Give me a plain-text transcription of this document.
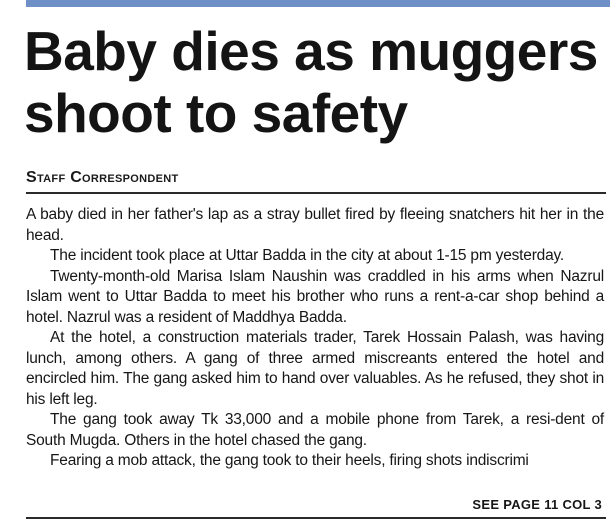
Baby dies as muggers
shoot to safety
Staff Correspondent

A baby died in her father's lap as a stray bullet fired by fleeing snatchers hit her in the head.

The incident took place at Uttar Badda in the city at about 1-15 pm yesterday.

Twenty-month-old Marisa Islam Naushin was craddled in his arms when Nazrul Islam went to Uttar Badda to meet his brother who runs a rent-a-car shop behind a hotel. Nazrul was a resident of Maddhya Badda.

At the hotel, a construction materials trader, Tarek Hossain Palash, was having lunch, among others. A gang of three armed miscreants entered the hotel and encircled him. The gang asked him to hand over valuables. As he refused, they shot in his left leg.

The gang took away Tk 33,000 and a mobile phone from Tarek, a resi-dent of South Mugda. Others in the hotel chased the gang.

Fearing a mob attack, the gang took to their heels, firing shots indiscrimi

SEE PAGE 11 COL 3
